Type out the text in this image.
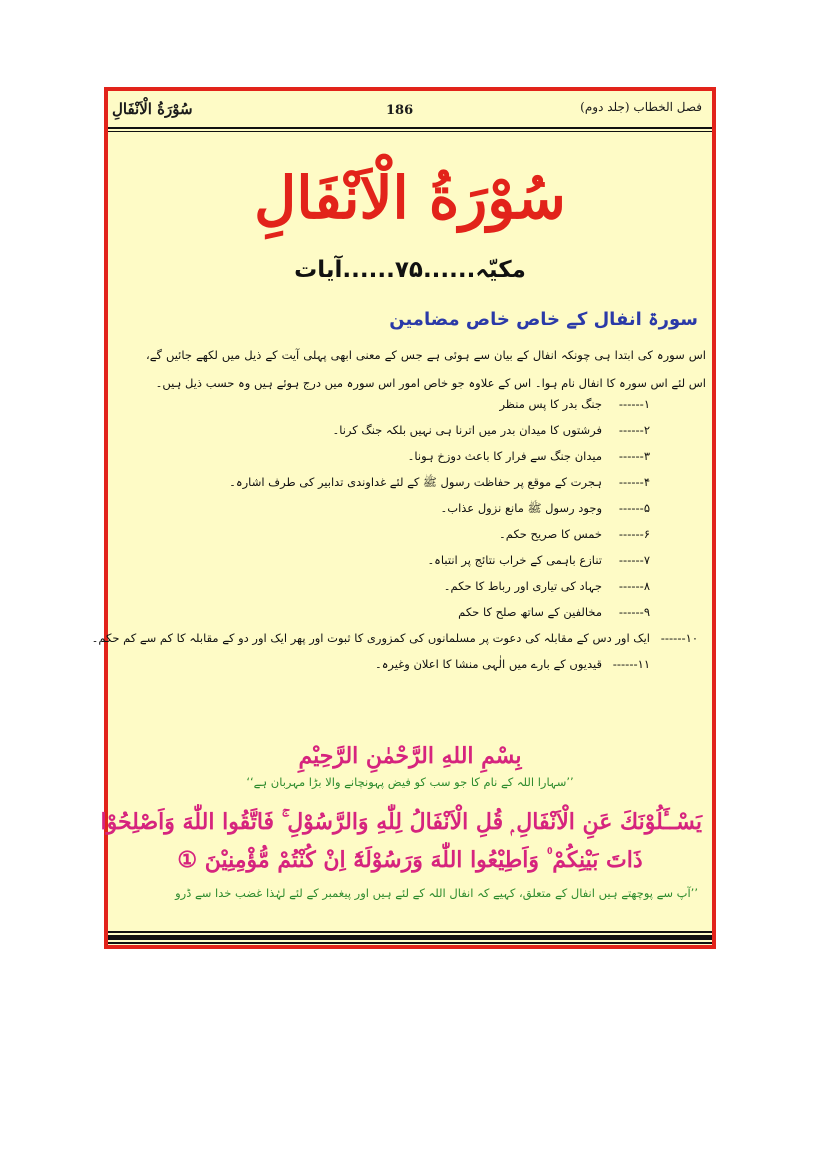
فصل الخطاب (جلد دوم)
186
سُوْرَةُ الْاَنْفَالِ
سُوْرَةُ الْاَنْفَالِ
مکیّہ......۷۵......آیات
سورۃ انفال کے خاص خاص مضامین
اس سورہ کی ابتدا ہی چونکہ انفال کے بیان سے ہوئی ہے جس کے معنی ابھی پہلی آیت کے ذیل میں لکھے جائیں گے، اس لئے اس سورہ کا انفال نام ہوا۔ اس کے علاوہ جو خاص امور اس سورہ میں درج ہوئے ہیں وہ حسب ذیل ہیں۔
۱------جنگ بدر کا پس منظر
۲------فرشتوں کا میدان بدر میں اترنا ہی نہیں بلکہ جنگ کرنا۔
۳------میدان جنگ سے فرار کا باعث دوزخ ہونا۔
۴------ہجرت کے موقع پر حفاظت رسول ﷺ کے لئے غداوندی تدابیر کی طرف اشارہ۔
۵------وجود رسول ﷺ مانع نزول عذاب۔
۶------خمس کا صریح حکم۔
۷------تنازع باہمی کے خراب نتائج پر انتباہ۔
۸------جہاد کی تیاری اور رباط کا حکم۔
۹------مخالفین کے ساتھ صلح کا حکم
۱۰------ایک اور دس کے مقابلہ کی دعوت پر مسلمانوں کی کمزوری کا ثبوت اور پھر ایک اور دو کے مقابلہ کا کم سے کم حکم۔
۱۱------قیدیوں کے بارے میں الٰہی منشا کا اعلان وغیرہ۔
بِسْمِ اللهِ الرَّحْمٰنِ الرَّحِيْمِ
’’سہارا اللہ کے نام کا جو سب کو فیض پہونچانے والا بڑا مہربان ہے‘‘
يَسْــَٔلُوْنَكَ عَنِ الْاَنْفَالِ ۭ قُلِ الْاَنْفَالُ لِلّٰهِ وَالرَّسُوْلِ ۚ فَاتَّقُوا اللّٰهَ وَاَصْلِحُوْا
ذَاتَ بَيْنِكُمْ ۠ وَاَطِيْعُوا اللّٰهَ وَرَسُوْلَهٗٓ اِنْ كُنْتُمْ مُّؤْمِنِيْنَ ①
’’آپ سے پوچھتے ہیں انفال کے متعلق، کہیے کہ انفال اللہ کے لئے ہیں اور پیغمبر کے لئے لہٰذا غضب خدا سے ڈرو
